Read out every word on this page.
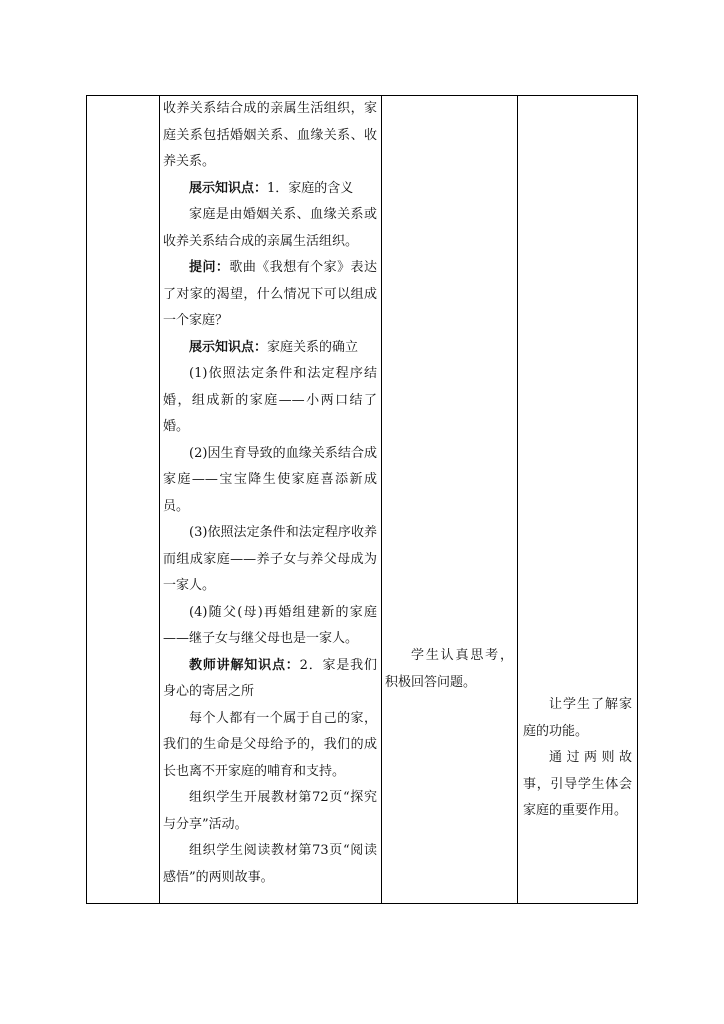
收养关系结合成的亲属生活组织，家庭关系包括婚姻关系、血缘关系、收养关系。

展示知识点：1．家庭的含义

家庭是由婚姻关系、血缘关系或收养关系结合成的亲属生活组织。

提问：歌曲《我想有个家》表达了对家的渴望，什么情况下可以组成一个家庭？

展示知识点：家庭关系的确立

(1)依照法定条件和法定程序结婚，组成新的家庭——小两口结了婚。

(2)因生育导致的血缘关系结合成家庭——宝宝降生使家庭喜添新成员。

(3)依照法定条件和法定程序收养而组成家庭——养子女与养父母成为一家人。

(4)随父(母)再婚组建新的家庭——继子女与继父母也是一家人。

教师讲解知识点：2．家是我们身心的寄居之所

每个人都有一个属于自己的家，我们的生命是父母给予的，我们的成长也离不开家庭的哺育和支持。

组织学生开展教材第72页“探究与分享”活动。

组织学生阅读教材第73页“阅读感悟”的两则故事。

学生认真思考，积极回答问题。

让学生了解家庭的功能。

通过两则故事，引导学生体会家庭的重要作用。
